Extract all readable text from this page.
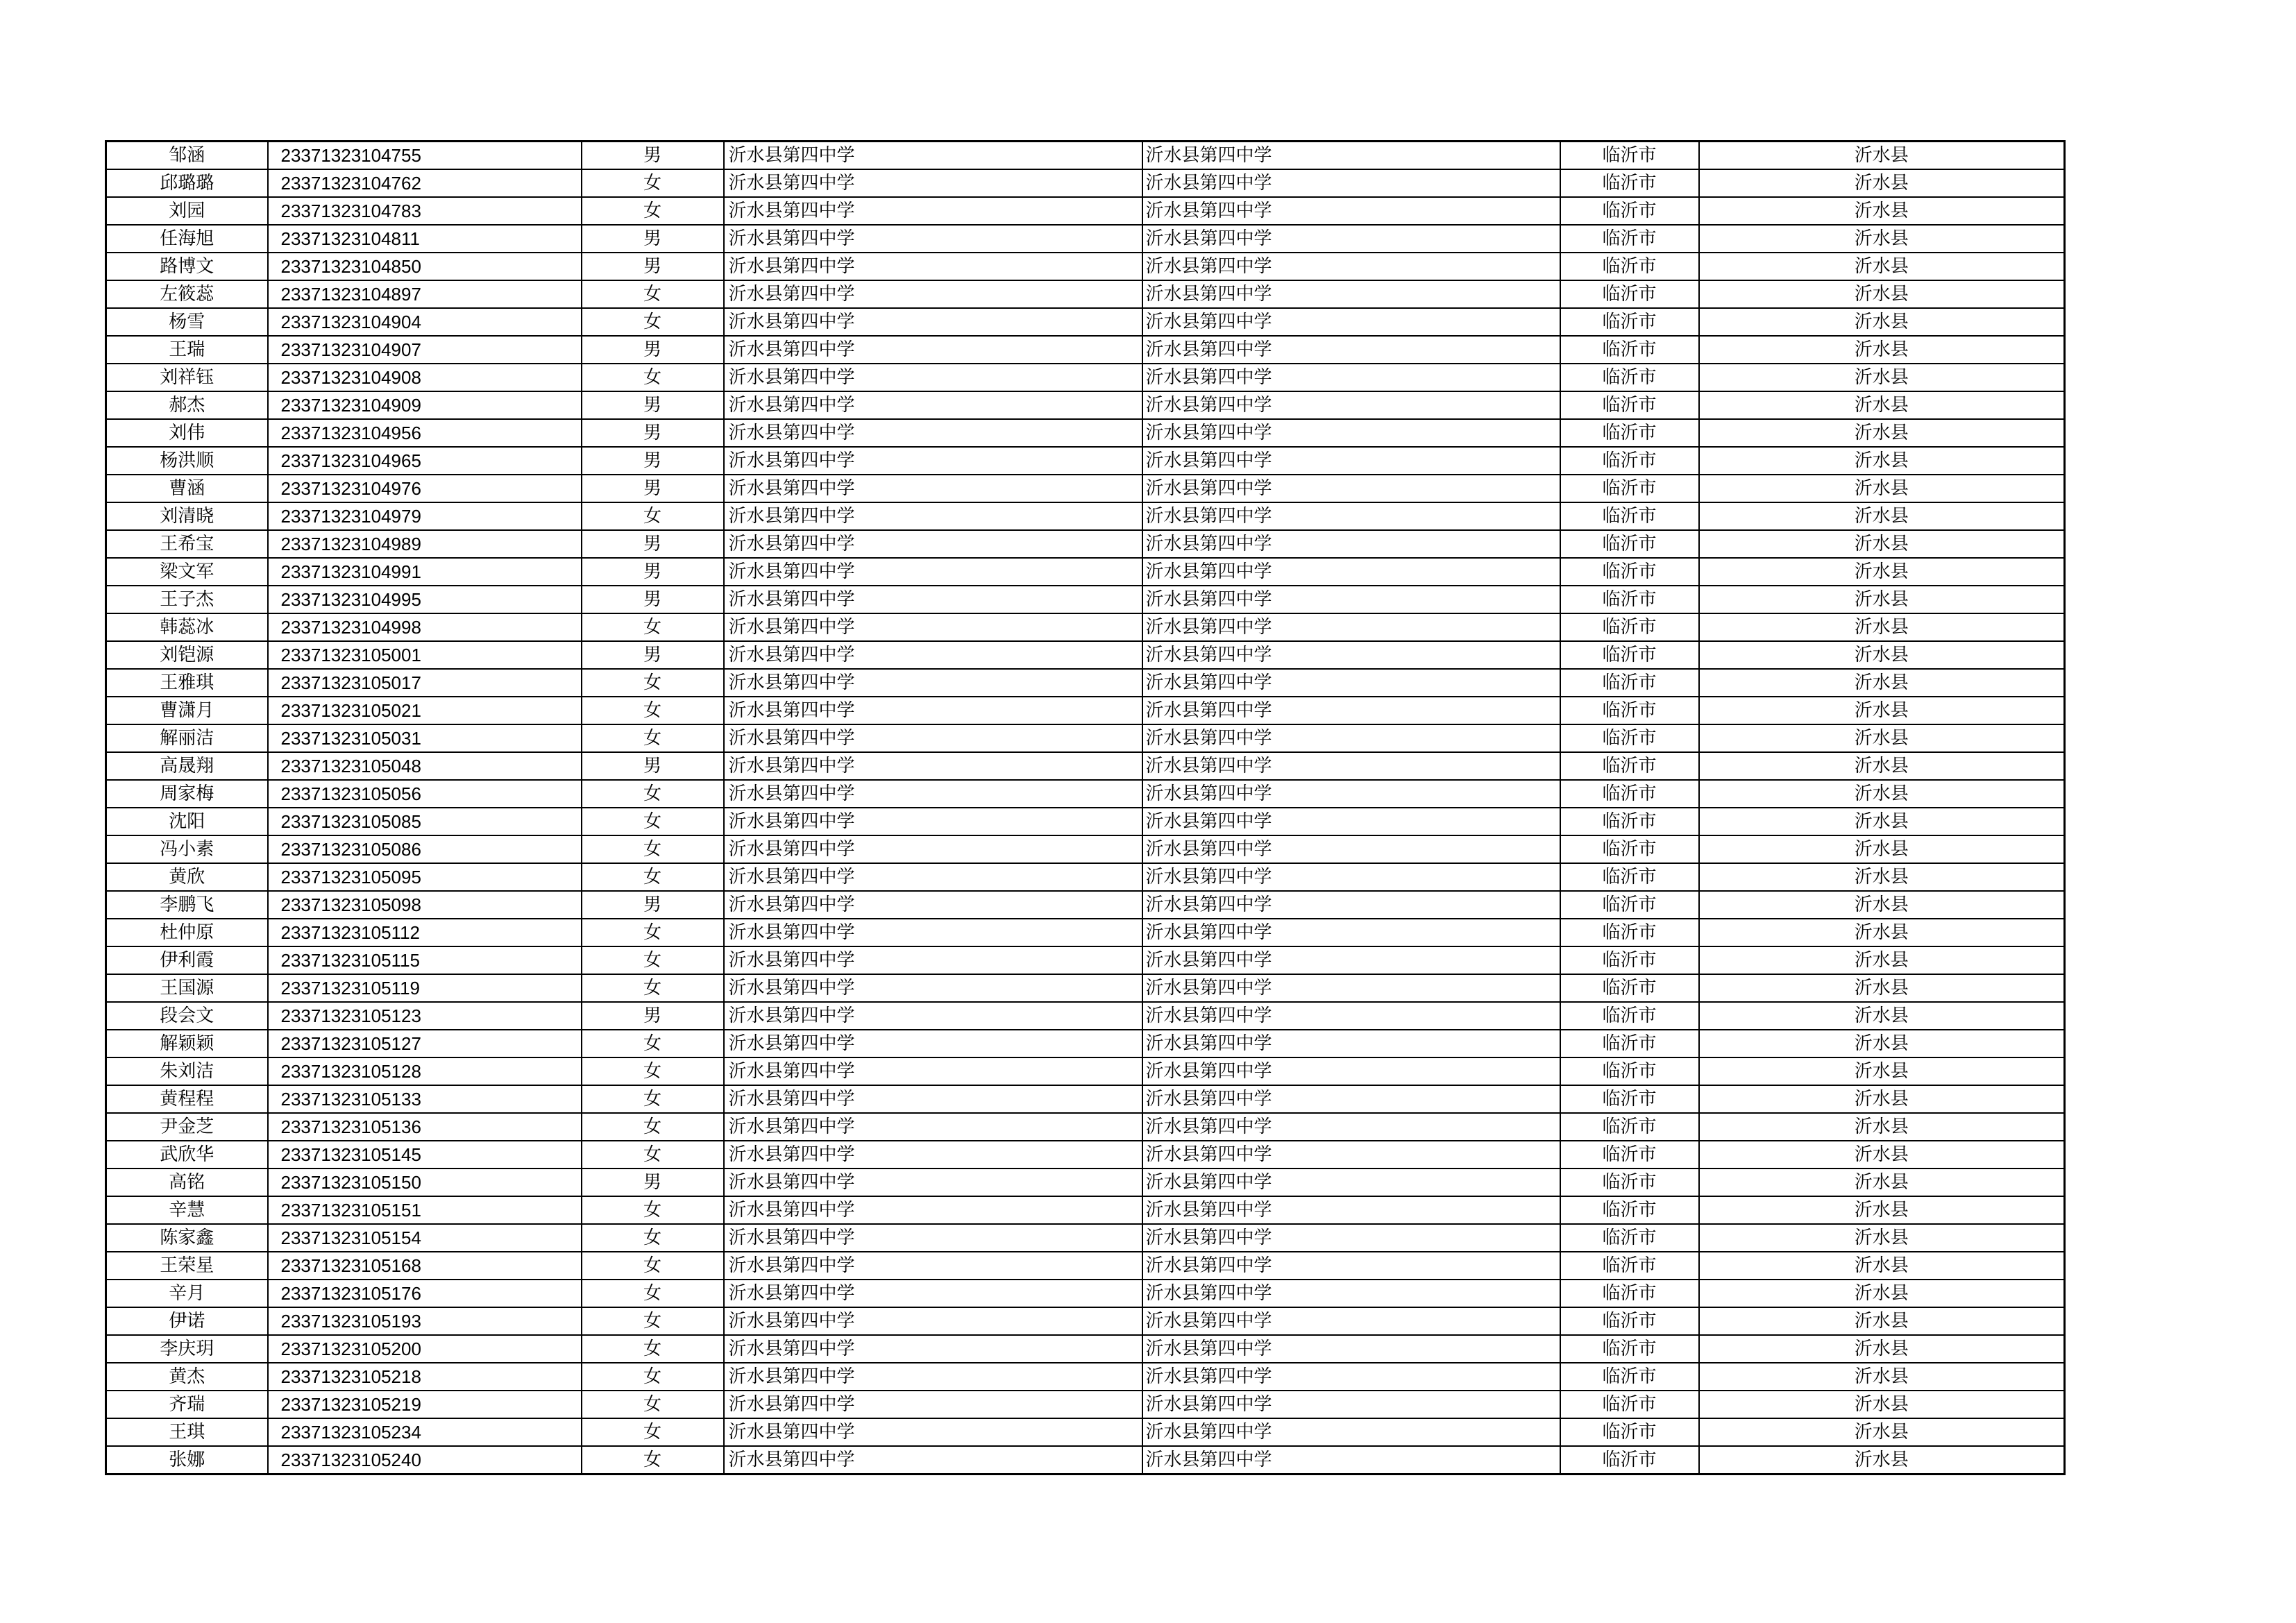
邹涵	23371323104755	男	沂水县第四中学	沂水县第四中学	临沂市	沂水县
邱璐璐	23371323104762	女	沂水县第四中学	沂水县第四中学	临沂市	沂水县
刘园	23371323104783	女	沂水县第四中学	沂水县第四中学	临沂市	沂水县
任海旭	23371323104811	男	沂水县第四中学	沂水县第四中学	临沂市	沂水县
路博文	23371323104850	男	沂水县第四中学	沂水县第四中学	临沂市	沂水县
左筱蕊	23371323104897	女	沂水县第四中学	沂水县第四中学	临沂市	沂水县
杨雪	23371323104904	女	沂水县第四中学	沂水县第四中学	临沂市	沂水县
王瑞	23371323104907	男	沂水县第四中学	沂水县第四中学	临沂市	沂水县
刘祥钰	23371323104908	女	沂水县第四中学	沂水县第四中学	临沂市	沂水县
郝杰	23371323104909	男	沂水县第四中学	沂水县第四中学	临沂市	沂水县
刘伟	23371323104956	男	沂水县第四中学	沂水县第四中学	临沂市	沂水县
杨洪顺	23371323104965	男	沂水县第四中学	沂水县第四中学	临沂市	沂水县
曹涵	23371323104976	男	沂水县第四中学	沂水县第四中学	临沂市	沂水县
刘清晓	23371323104979	女	沂水县第四中学	沂水县第四中学	临沂市	沂水县
王希宝	23371323104989	男	沂水县第四中学	沂水县第四中学	临沂市	沂水县
梁文军	23371323104991	男	沂水县第四中学	沂水县第四中学	临沂市	沂水县
王子杰	23371323104995	男	沂水县第四中学	沂水县第四中学	临沂市	沂水县
韩蕊冰	23371323104998	女	沂水县第四中学	沂水县第四中学	临沂市	沂水县
刘铠源	23371323105001	男	沂水县第四中学	沂水县第四中学	临沂市	沂水县
王雅琪	23371323105017	女	沂水县第四中学	沂水县第四中学	临沂市	沂水县
曹潇月	23371323105021	女	沂水县第四中学	沂水县第四中学	临沂市	沂水县
解丽洁	23371323105031	女	沂水县第四中学	沂水县第四中学	临沂市	沂水县
高晟翔	23371323105048	男	沂水县第四中学	沂水县第四中学	临沂市	沂水县
周家梅	23371323105056	女	沂水县第四中学	沂水县第四中学	临沂市	沂水县
沈阳	23371323105085	女	沂水县第四中学	沂水县第四中学	临沂市	沂水县
冯小素	23371323105086	女	沂水县第四中学	沂水县第四中学	临沂市	沂水县
黄欣	23371323105095	女	沂水县第四中学	沂水县第四中学	临沂市	沂水县
李鹏飞	23371323105098	男	沂水县第四中学	沂水县第四中学	临沂市	沂水县
杜仲原	23371323105112	女	沂水县第四中学	沂水县第四中学	临沂市	沂水县
伊利霞	23371323105115	女	沂水县第四中学	沂水县第四中学	临沂市	沂水县
王国源	23371323105119	女	沂水县第四中学	沂水县第四中学	临沂市	沂水县
段会文	23371323105123	男	沂水县第四中学	沂水县第四中学	临沂市	沂水县
解颖颖	23371323105127	女	沂水县第四中学	沂水县第四中学	临沂市	沂水县
朱刘洁	23371323105128	女	沂水县第四中学	沂水县第四中学	临沂市	沂水县
黄程程	23371323105133	女	沂水县第四中学	沂水县第四中学	临沂市	沂水县
尹金芝	23371323105136	女	沂水县第四中学	沂水县第四中学	临沂市	沂水县
武欣华	23371323105145	女	沂水县第四中学	沂水县第四中学	临沂市	沂水县
高铭	23371323105150	男	沂水县第四中学	沂水县第四中学	临沂市	沂水县
辛慧	23371323105151	女	沂水县第四中学	沂水县第四中学	临沂市	沂水县
陈家鑫	23371323105154	女	沂水县第四中学	沂水县第四中学	临沂市	沂水县
王荣星	23371323105168	女	沂水县第四中学	沂水县第四中学	临沂市	沂水县
辛月	23371323105176	女	沂水县第四中学	沂水县第四中学	临沂市	沂水县
伊诺	23371323105193	女	沂水县第四中学	沂水县第四中学	临沂市	沂水县
李庆玥	23371323105200	女	沂水县第四中学	沂水县第四中学	临沂市	沂水县
黄杰	23371323105218	女	沂水县第四中学	沂水县第四中学	临沂市	沂水县
齐瑞	23371323105219	女	沂水县第四中学	沂水县第四中学	临沂市	沂水县
王琪	23371323105234	女	沂水县第四中学	沂水县第四中学	临沂市	沂水县
张娜	23371323105240	女	沂水县第四中学	沂水县第四中学	临沂市	沂水县
